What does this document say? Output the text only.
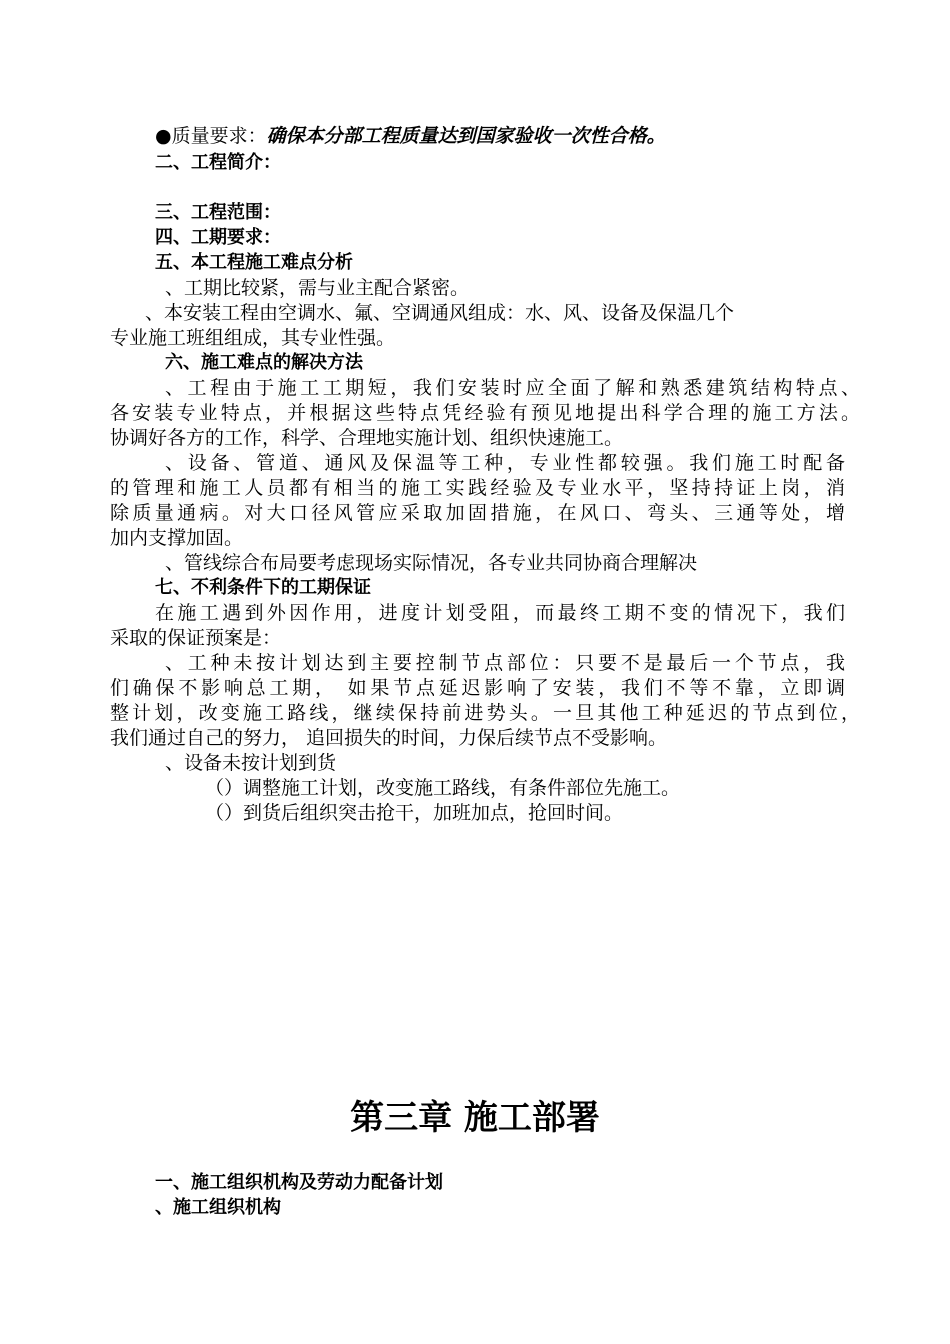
●质量要求：确保本分部工程质量达到国家验收一次性合格。
二、工程简介：
三、工程范围：
四、工期要求：
五、本工程施工难点分析
、工期比较紧，需与业主配合紧密。
、本安装工程由空调水、氟、空调通风组成：水、风、设备及保温几个
专业施工班组组成，其专业性强。
六、施工难点的解决方法
、工程由于施工工期短，我们安装时应全面了解和熟悉建筑结构特点、
各安装专业特点，并根据这些特点凭经验有预见地提出科学合理的施工方法。
协调好各方的工作，科学、合理地实施计划、组织快速施工。
、设备、管道、通风及保温等工种，专业性都较强。我们施工时配备
的管理和施工人员都有相当的施工实践经验及专业水平，坚持持证上岗，消
除质量通病。对大口径风管应采取加固措施，在风口、弯头、三通等处，增
加内支撑加固。
、管线综合布局要考虑现场实际情况，各专业共同协商合理解决
七、不利条件下的工期保证
在施工遇到外因作用，进度计划受阻，而最终工期不变的情况下，我们
采取的保证预案是：
、工种未按计划达到主要控制节点部位：只要不是最后一个节点，我
们确保不影响总工期， 如果节点延迟影响了安装，我们不等不靠，立即调
整计划，改变施工路线，继续保持前进势头。一旦其他工种延迟的节点到位，
我们通过自己的努力， 追回损失的时间，力保后续节点不受影响。
、设备未按计划到货
（）调整施工计划，改变施工路线，有条件部位先施工。
（）到货后组织突击抢干，加班加点，抢回时间。
第三章 施工部署
一、施工组织机构及劳动力配备计划
、施工组织机构
